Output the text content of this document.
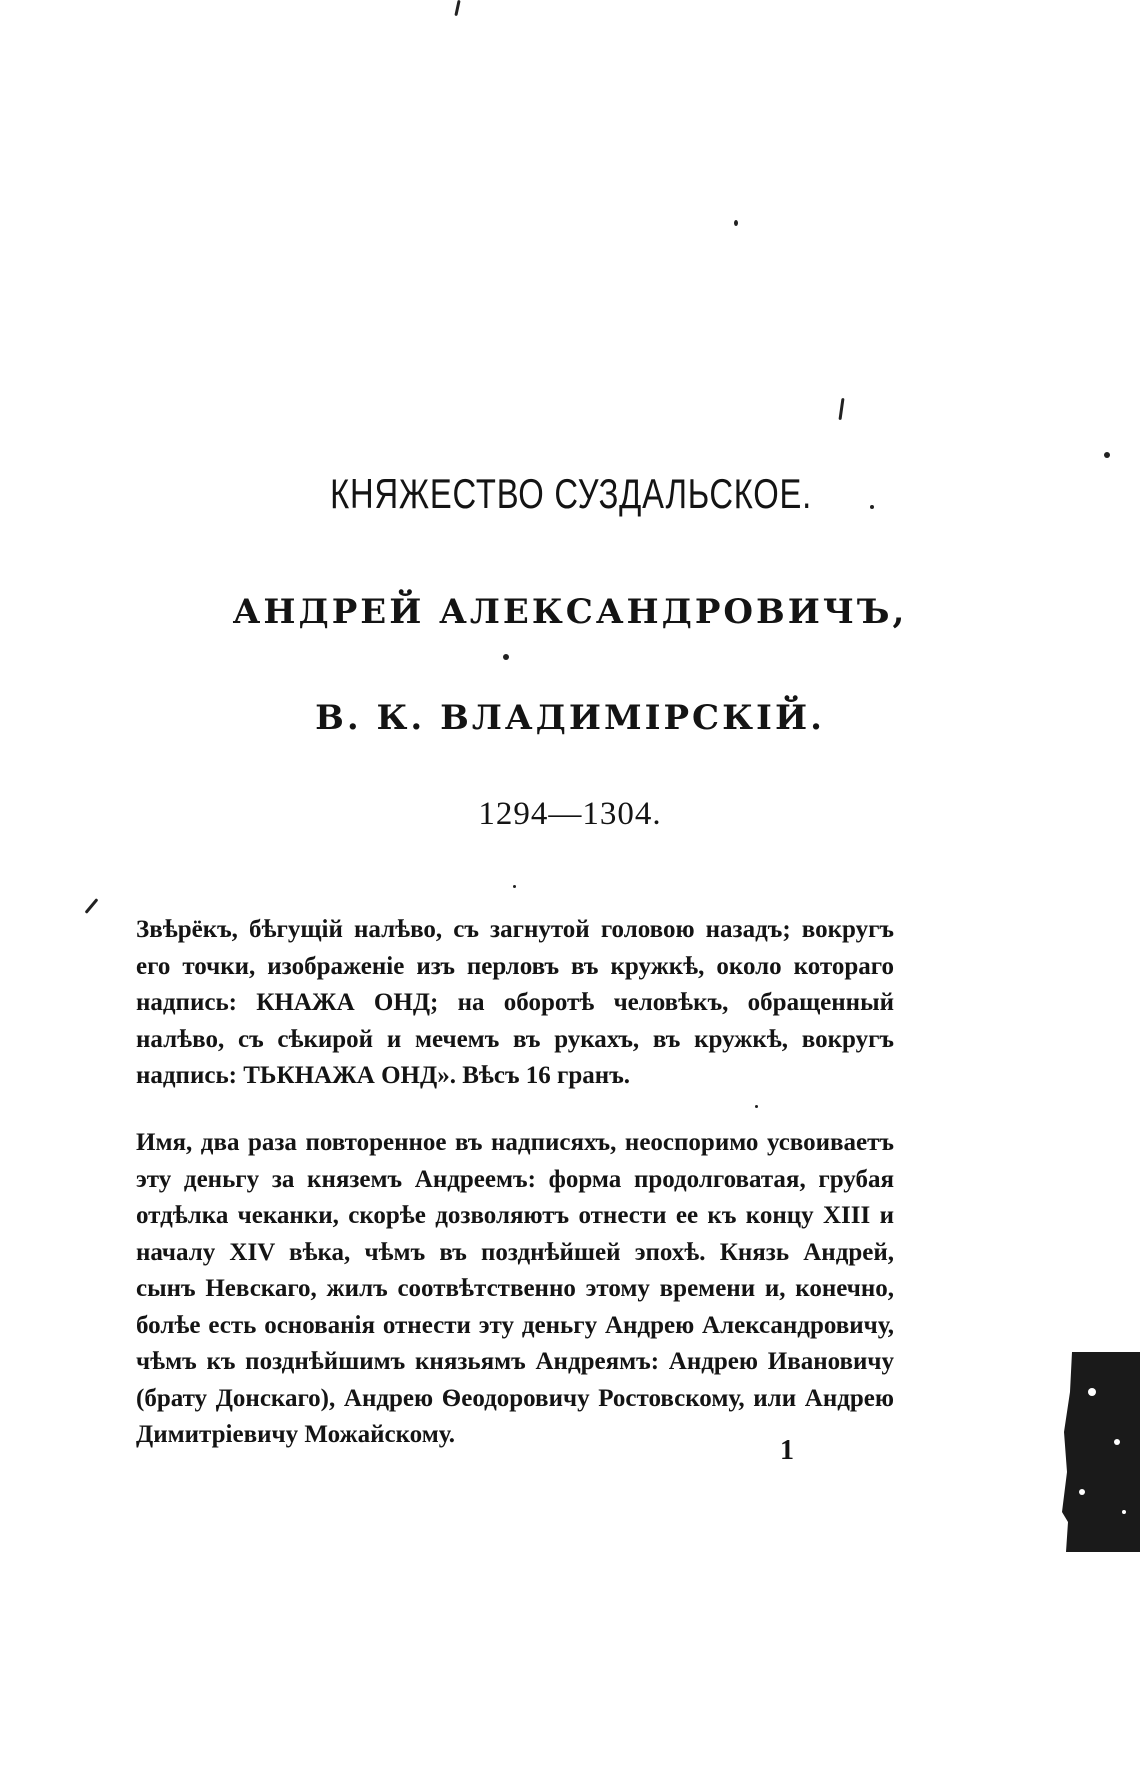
КНЯЖЕСТВО СУЗДАЛЬСКОЕ.
АНДРЕЙ АЛЕКСАНДРОВИЧЪ,
В. К. ВЛАДИМІРСКІЙ.
1294—1304.

Звѣрёкъ, бѣгущій налѣво, съ загнутой головою назадъ; вокругъ его точки, изображеніе изъ перловъ въ кружкѣ, около котораго надпись: КНАЖА ОНД; на оборотѣ человѣкъ, обращенный налѣво, съ сѣкирой и мечемъ въ рукахъ, въ кружкѣ, вокругъ надпись: ТЬКНАЖА ОНД». Вѣсъ 16 гранъ.

Имя, два раза повторенное въ надписяхъ, неоспоримо усвоиваетъ эту деньгу за княземъ Андреемъ: форма продолговатая, грубая отдѣлка чеканки, скорѣе дозволяютъ отнести ее къ концу XIII и началу XIV вѣка, чѣмъ въ позднѣйшей эпохѣ. Князь Андрей, сынъ Невскаго, жилъ соотвѣтственно этому времени и, конечно, болѣе есть основанія отнести эту деньгу Андрею Александровичу, чѣмъ къ позднѣйшимъ князьямъ Андреямъ: Андрею Ивановичу (брату Донскаго), Андрею Ѳеодоровичу Ростовскому, или Андрею Димитріевичу Можайскому.

1
